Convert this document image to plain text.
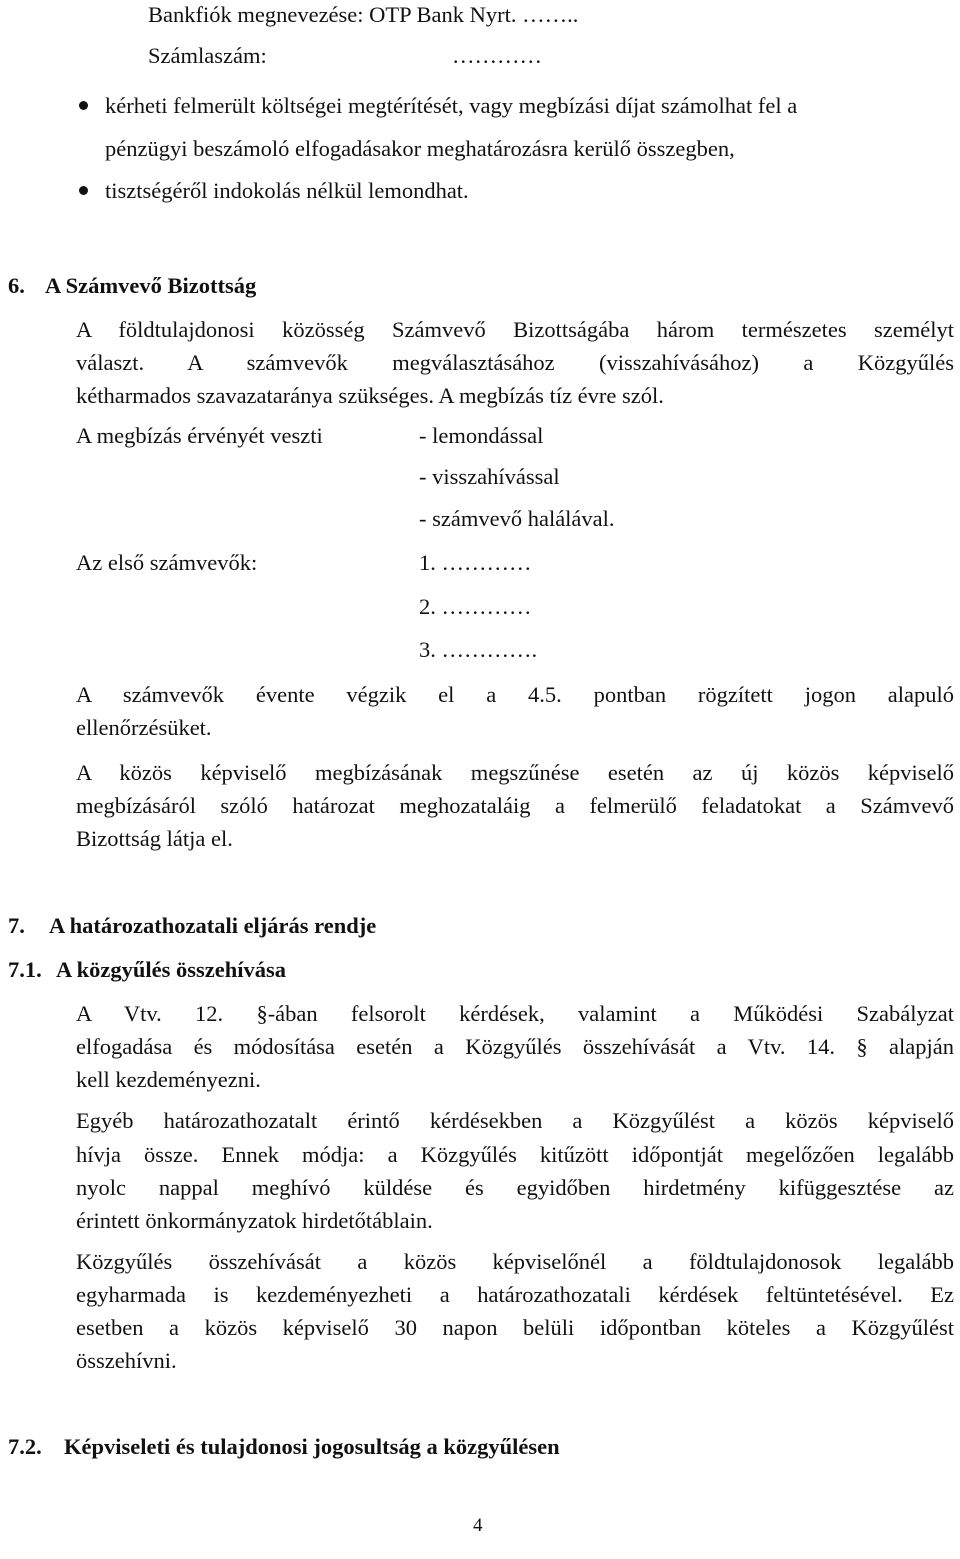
Bankfiók megnevezése: OTP Bank Nyrt. ……..
Számlaszám:	…………
kérheti felmerült költségei megtérítését, vagy megbízási díjat számolhat fel a
pénzügyi beszámoló elfogadásakor meghatározásra kerülő összegben,
tisztségéről indokolás nélkül lemondhat.
6. A Számvevő Bizottság
A földtulajdonosi közösség Számvevő Bizottságába három természetes személyt
választ. A számvevők megválasztásához (visszahívásához) a Közgyűlés
kétharmados szavazataránya szükséges. A megbízás tíz évre szól.
A megbízás érvényét veszti	- lemondással
- visszahívással
- számvevő halálával.
Az első számvevők:	1. …………
2. …………
3. ………….
A számvevők évente végzik el a 4.5. pontban rögzített jogon alapuló
ellenőrzésüket.
A közös képviselő megbízásának megszűnése esetén az új közös képviselő
megbízásáról szóló határozat meghozataláig a felmerülő feladatokat a Számvevő
Bizottság látja el.
7. A határozathozatali eljárás rendje
7.1. A közgyűlés összehívása
A Vtv. 12. §-ában felsorolt kérdések, valamint a Működési Szabályzat
elfogadása és módosítása esetén a Közgyűlés összehívását a Vtv. 14. § alapján
kell kezdeményezni.
Egyéb határozathozatalt érintő kérdésekben a Közgyűlést a közös képviselő
hívja össze. Ennek módja: a Közgyűlés kitűzött időpontját megelőzően legalább
nyolc nappal meghívó küldése és egyidőben hirdetmény kifüggesztése az
érintett önkormányzatok hirdetőtáblain.
Közgyűlés összehívását a közös képviselőnél a földtulajdonosok legalább
egyharmada is kezdeményezheti a határozathozatali kérdések feltüntetésével. Ez
esetben a közös képviselő 30 napon belüli időpontban köteles a Közgyűlést
összehívni.
7.2. Képviseleti és tulajdonosi jogosultság a közgyűlésen
4
